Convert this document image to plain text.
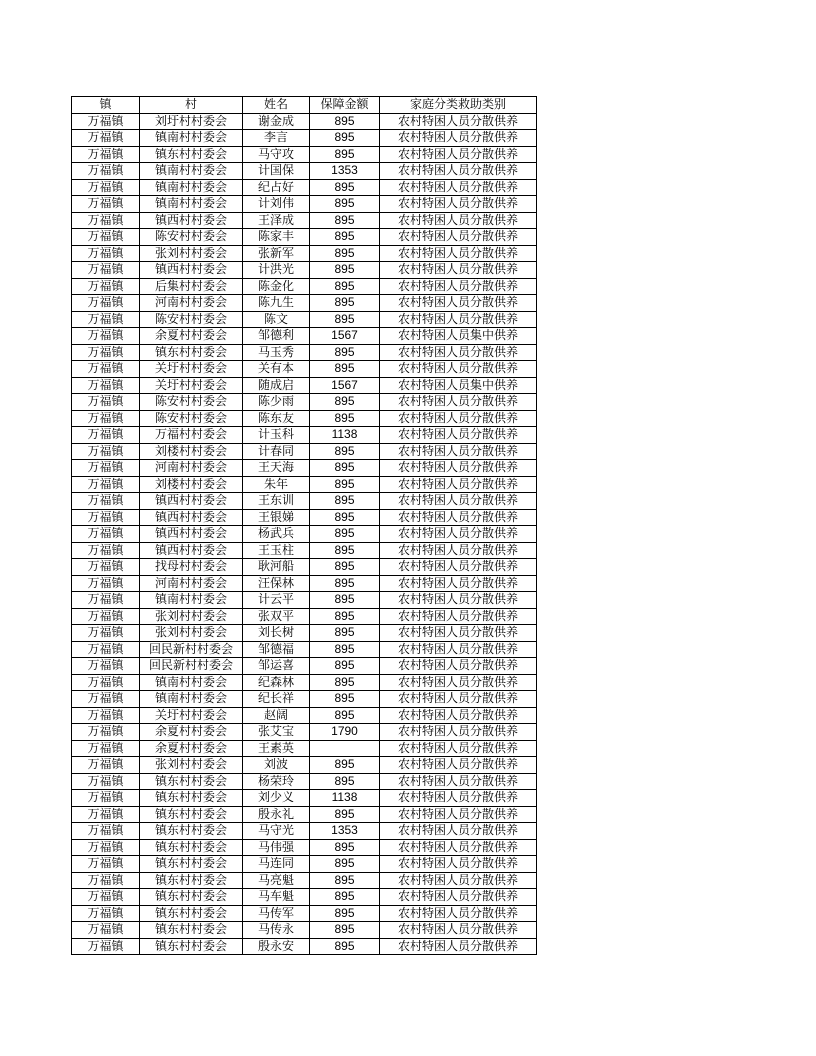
镇	村	姓名	保障金额	家庭分类救助类别
万福镇	刘圩村村委会	谢金成	895	农村特困人员分散供养
万福镇	镇南村村委会	李言	895	农村特困人员分散供养
万福镇	镇东村村委会	马守攻	895	农村特困人员分散供养
万福镇	镇南村村委会	计国保	1353	农村特困人员分散供养
万福镇	镇南村村委会	纪占好	895	农村特困人员分散供养
万福镇	镇南村村委会	计刘伟	895	农村特困人员分散供养
万福镇	镇西村村委会	王泽成	895	农村特困人员分散供养
万福镇	陈安村村委会	陈家丰	895	农村特困人员分散供养
万福镇	张刘村村委会	张新军	895	农村特困人员分散供养
万福镇	镇西村村委会	计洪光	895	农村特困人员分散供养
万福镇	后集村村委会	陈金化	895	农村特困人员分散供养
万福镇	河南村村委会	陈九生	895	农村特困人员分散供养
万福镇	陈安村村委会	陈文	895	农村特困人员分散供养
万福镇	余夏村村委会	邹德利	1567	农村特困人员集中供养
万福镇	镇东村村委会	马玉秀	895	农村特困人员分散供养
万福镇	关圩村村委会	关有本	895	农村特困人员分散供养
万福镇	关圩村村委会	随成启	1567	农村特困人员集中供养
万福镇	陈安村村委会	陈少雨	895	农村特困人员分散供养
万福镇	陈安村村委会	陈东友	895	农村特困人员分散供养
万福镇	万福村村委会	计玉科	1138	农村特困人员分散供养
万福镇	刘楼村村委会	计春同	895	农村特困人员分散供养
万福镇	河南村村委会	王天海	895	农村特困人员分散供养
万福镇	刘楼村村委会	朱年	895	农村特困人员分散供养
万福镇	镇西村村委会	王东训	895	农村特困人员分散供养
万福镇	镇西村村委会	王银娣	895	农村特困人员分散供养
万福镇	镇西村村委会	杨武兵	895	农村特困人员分散供养
万福镇	镇西村村委会	王玉柱	895	农村特困人员分散供养
万福镇	找母村村委会	耿河船	895	农村特困人员分散供养
万福镇	河南村村委会	汪保林	895	农村特困人员分散供养
万福镇	镇南村村委会	计云平	895	农村特困人员分散供养
万福镇	张刘村村委会	张双平	895	农村特困人员分散供养
万福镇	张刘村村委会	刘长树	895	农村特困人员分散供养
万福镇	回民新村村委会	邹德福	895	农村特困人员分散供养
万福镇	回民新村村委会	邹运喜	895	农村特困人员分散供养
万福镇	镇南村村委会	纪森林	895	农村特困人员分散供养
万福镇	镇南村村委会	纪长祥	895	农村特困人员分散供养
万福镇	关圩村村委会	赵阔	895	农村特困人员分散供养
万福镇	余夏村村委会	张艾宝	1790	农村特困人员分散供养
万福镇	余夏村村委会	王素英		农村特困人员分散供养
万福镇	张刘村村委会	刘波	895	农村特困人员分散供养
万福镇	镇东村村委会	杨荣玲	895	农村特困人员分散供养
万福镇	镇东村村委会	刘少义	1138	农村特困人员分散供养
万福镇	镇东村村委会	殷永礼	895	农村特困人员分散供养
万福镇	镇东村村委会	马守光	1353	农村特困人员分散供养
万福镇	镇东村村委会	马伟强	895	农村特困人员分散供养
万福镇	镇东村村委会	马连同	895	农村特困人员分散供养
万福镇	镇东村村委会	马亮魁	895	农村特困人员分散供养
万福镇	镇东村村委会	马车魁	895	农村特困人员分散供养
万福镇	镇东村村委会	马传军	895	农村特困人员分散供养
万福镇	镇东村村委会	马传永	895	农村特困人员分散供养
万福镇	镇东村村委会	殷永安	895	农村特困人员分散供养
